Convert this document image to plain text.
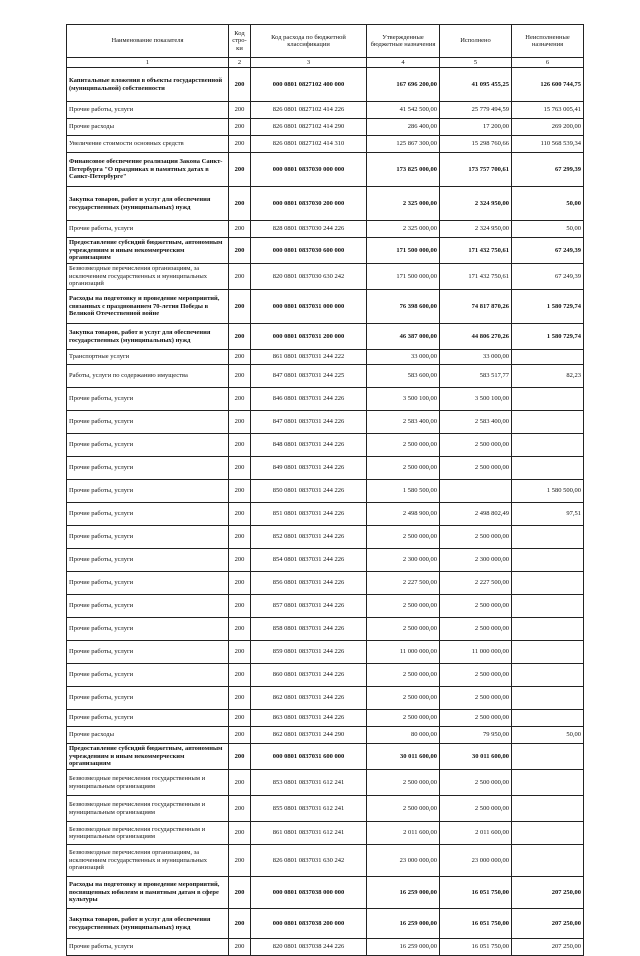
Наименование показателя	Код стро-ки	Код расхода по бюджетной классификации	Утвержденные бюджетные назначения	Исполнено	Неисполненные назначения
1	2	3	4	5	6
Капитальные вложения в объекты государственной (муниципальной) собственности	200	000 0801 0827102 400 000	167 696 200,00	41 095 455,25	126 600 744,75
Прочие работы, услуги	200	826 0801 0827102 414 226	41 542 500,00	25 779 494,59	15 763 005,41
Прочие расходы	200	826 0801 0827102 414 290	286 400,00	17 200,00	269 200,00
Увеличение стоимости основных средств	200	826 0801 0827102 414 310	125 867 300,00	15 298 760,66	110 568 539,34
Финансовое обеспечение реализации Закона Санкт-Петербурга "О праздниках и памятных датах в Санкт-Петербурге"	200	000 0801 0837030 000 000	173 825 000,00	173 757 700,61	67 299,39
Закупка товаров, работ и услуг для обеспечения государственных (муниципальных) нужд	200	000 0801 0837030 200 000	2 325 000,00	2 324 950,00	50,00
Прочие работы, услуги	200	828 0801 0837030 244 226	2 325 000,00	2 324 950,00	50,00
Предоставление субсидий бюджетным, автономным учреждениям и иным некоммерческим организациям	200	000 0801 0837030 600 000	171 500 000,00	171 432 750,61	67 249,39
Безвозмездные перечисления организациям, за исключением государственных и муниципальных организаций	200	820 0801 0837030 630 242	171 500 000,00	171 432 750,61	67 249,39
Расходы на подготовку и проведение мероприятий, связанных с празднованием 70-летия Победы в Великой Отечественной войне	200	000 0801 0837031 000 000	76 398 600,00	74 817 870,26	1 580 729,74
Закупка товаров, работ и услуг для обеспечения государственных (муниципальных) нужд	200	000 0801 0837031 200 000	46 387 000,00	44 806 270,26	1 580 729,74
Транспортные услуги	200	861 0801 0837031 244 222	33 000,00	33 000,00	
Работы, услуги по содержанию имущества	200	847 0801 0837031 244 225	583 600,00	583 517,77	82,23
Прочие работы, услуги	200	846 0801 0837031 244 226	3 500 100,00	3 500 100,00	
Прочие работы, услуги	200	847 0801 0837031 244 226	2 583 400,00	2 583 400,00	
Прочие работы, услуги	200	848 0801 0837031 244 226	2 500 000,00	2 500 000,00	
Прочие работы, услуги	200	849 0801 0837031 244 226	2 500 000,00	2 500 000,00	
Прочие работы, услуги	200	850 0801 0837031 244 226	1 580 500,00		1 580 500,00
Прочие работы, услуги	200	851 0801 0837031 244 226	2 498 900,00	2 498 802,49	97,51
Прочие работы, услуги	200	852 0801 0837031 244 226	2 500 000,00	2 500 000,00	
Прочие работы, услуги	200	854 0801 0837031 244 226	2 300 000,00	2 300 000,00	
Прочие работы, услуги	200	856 0801 0837031 244 226	2 227 500,00	2 227 500,00	
Прочие работы, услуги	200	857 0801 0837031 244 226	2 500 000,00	2 500 000,00	
Прочие работы, услуги	200	858 0801 0837031 244 226	2 500 000,00	2 500 000,00	
Прочие работы, услуги	200	859 0801 0837031 244 226	11 000 000,00	11 000 000,00	
Прочие работы, услуги	200	860 0801 0837031 244 226	2 500 000,00	2 500 000,00	
Прочие работы, услуги	200	862 0801 0837031 244 226	2 500 000,00	2 500 000,00	
Прочие работы, услуги	200	863 0801 0837031 244 226	2 500 000,00	2 500 000,00	
Прочие расходы	200	862 0801 0837031 244 290	80 000,00	79 950,00	50,00
Предоставление субсидий бюджетным, автономным учреждениям и иным некоммерческим организациям	200	000 0801 0837031 600 000	30 011 600,00	30 011 600,00	
Безвозмездные перечисления государственным и муниципальным организациям	200	853 0801 0837031 612 241	2 500 000,00	2 500 000,00	
Безвозмездные перечисления государственным и муниципальным организациям	200	855 0801 0837031 612 241	2 500 000,00	2 500 000,00	
Безвозмездные перечисления государственным и муниципальным организациям	200	861 0801 0837031 612 241	2 011 600,00	2 011 600,00	
Безвозмездные перечисления организациям, за исключением государственных и муниципальных организаций	200	826 0801 0837031 630 242	23 000 000,00	23 000 000,00	
Расходы на подготовку и проведение мероприятий, посвященных юбилеям и памятным датам в сфере культуры	200	000 0801 0837038 000 000	16 259 000,00	16 051 750,00	207 250,00
Закупка товаров, работ и услуг для обеспечения государственных (муниципальных) нужд	200	000 0801 0837038 200 000	16 259 000,00	16 051 750,00	207 250,00
Прочие работы, услуги	200	820 0801 0837038 244 226	16 259 000,00	16 051 750,00	207 250,00
